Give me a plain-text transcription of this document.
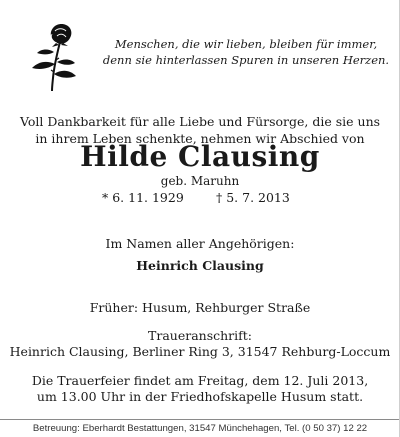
Menschen, die wir lieben, bleiben für immer,
denn sie hinterlassen Spuren in unseren Herzen.
Voll Dankbarkeit für alle Liebe und Fürsorge, die sie uns
in ihrem Leben schenkte, nehmen wir Abschied von
Hilde Clausing
geb. Maruhn
* 6. 11. 1929	† 5. 7. 2013
Im Namen aller Angehörigen:
Heinrich Clausing
Früher: Husum, Rehburger Straße
Traueranschrift:
Heinrich Clausing, Berliner Ring 3, 31547 Rehburg-Loccum
Die Trauerfeier findet am Freitag, dem 12. Juli 2013,
um 13.00 Uhr in der Friedhofskapelle Husum statt.
Betreuung: Eberhardt Bestattungen, 31547 Münchehagen, Tel. (0 50 37) 12 22
